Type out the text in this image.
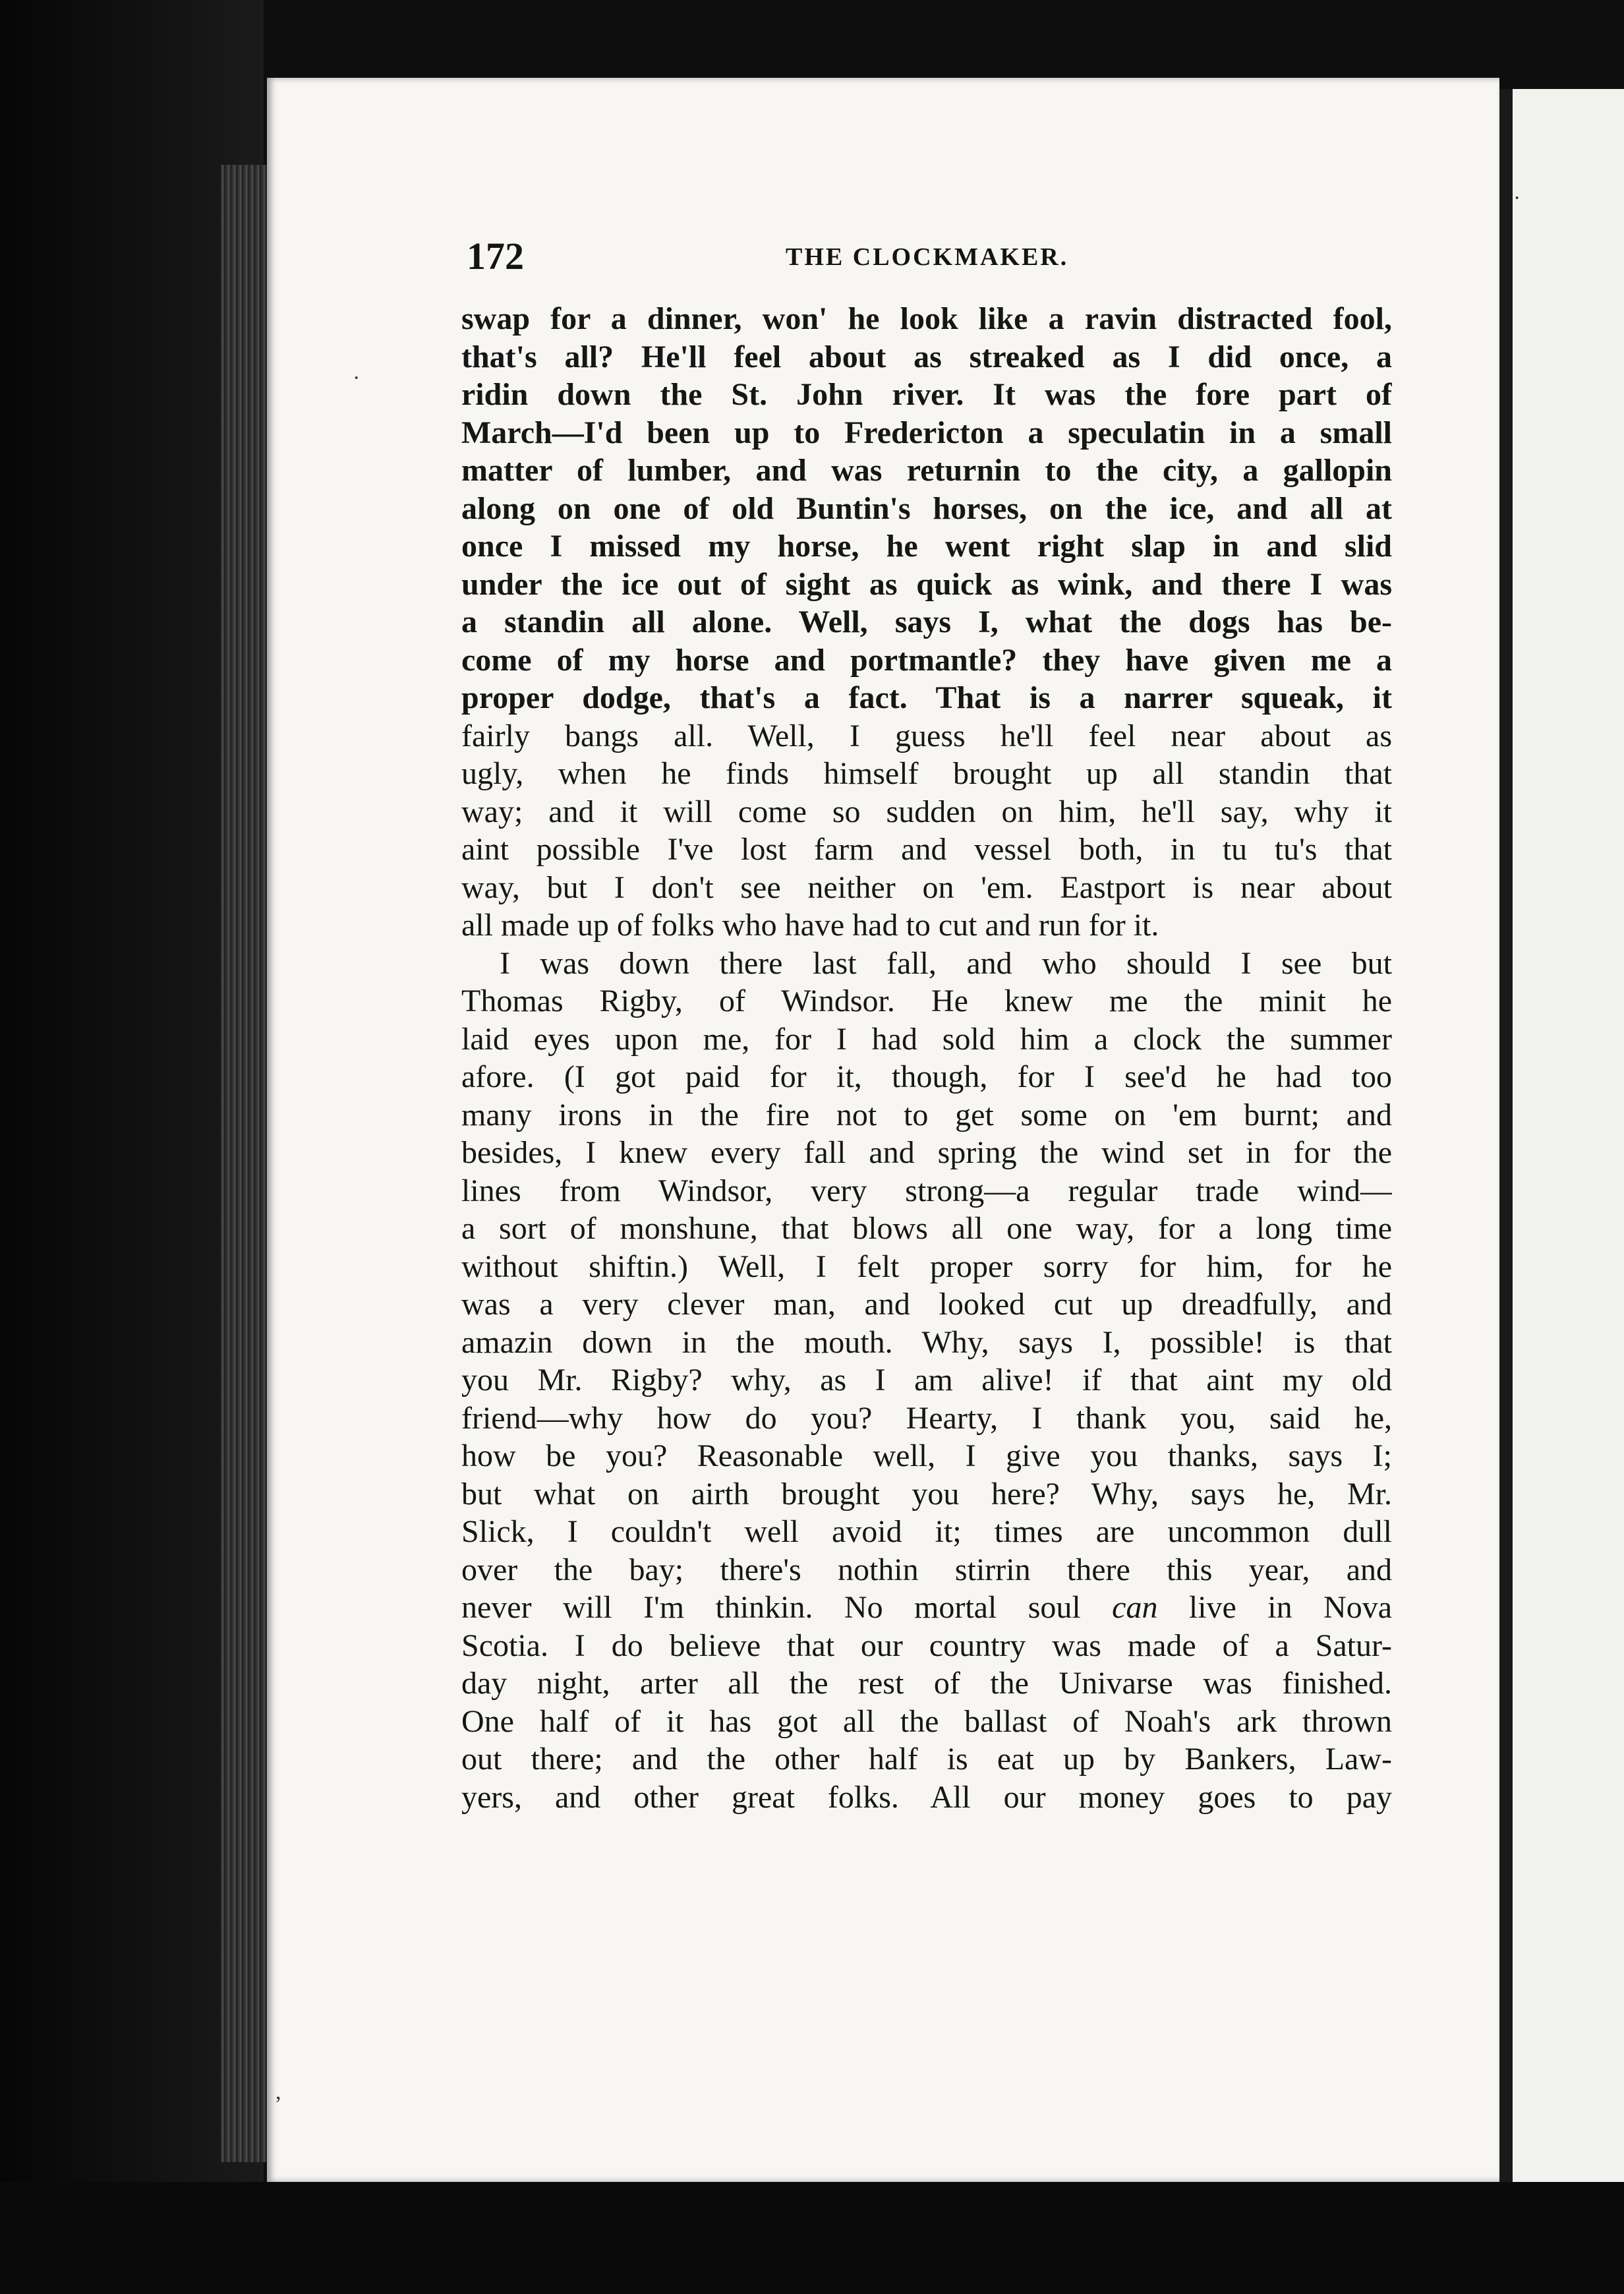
·
·
,
172	THE CLOCKMAKER.
swap for a dinner, won' he look like a ravin distracted fool,
that's all? He'll feel about as streaked as I did once, a
ridin down the St. John river. It was the fore part of
March—I'd been up to Fredericton a speculatin in a small
matter of lumber, and was returnin to the city, a gallopin
along on one of old Buntin's horses, on the ice, and all at
once I missed my horse, he went right slap in and slid
under the ice out of sight as quick as wink, and there I was
a standin all alone. Well, says I, what the dogs has be-
come of my horse and portmantle? they have given me a
proper dodge, that's a fact. That is a narrer squeak, it
fairly bangs all. Well, I guess he'll feel near about as
ugly, when he finds himself brought up all standin that
way; and it will come so sudden on him, he'll say, why it
aint possible I've lost farm and vessel both, in tu tu's that
way, but I don't see neither on 'em. Eastport is near about
all made up of folks who have had to cut and run for it.
I was down there last fall, and who should I see but
Thomas Rigby, of Windsor. He knew me the minit he
laid eyes upon me, for I had sold him a clock the summer
afore. (I got paid for it, though, for I see'd he had too
many irons in the fire not to get some on 'em burnt; and
besides, I knew every fall and spring the wind set in for the
lines from Windsor, very strong—a regular trade wind—
a sort of monshune, that blows all one way, for a long time
without shiftin.) Well, I felt proper sorry for him, for he
was a very clever man, and looked cut up dreadfully, and
amazin down in the mouth. Why, says I, possible! is that
you Mr. Rigby? why, as I am alive! if that aint my old
friend—why how do you? Hearty, I thank you, said he,
how be you? Reasonable well, I give you thanks, says I;
but what on airth brought you here? Why, says he, Mr.
Slick, I couldn't well avoid it; times are uncommon dull
over the bay; there's nothin stirrin there this year, and
never will I'm thinkin. No mortal soul can live in Nova
Scotia. I do believe that our country was made of a Satur-
day night, arter all the rest of the Univarse was finished.
One half of it has got all the ballast of Noah's ark thrown
out there; and the other half is eat up by Bankers, Law-
yers, and other great folks. All our money goes to pay
